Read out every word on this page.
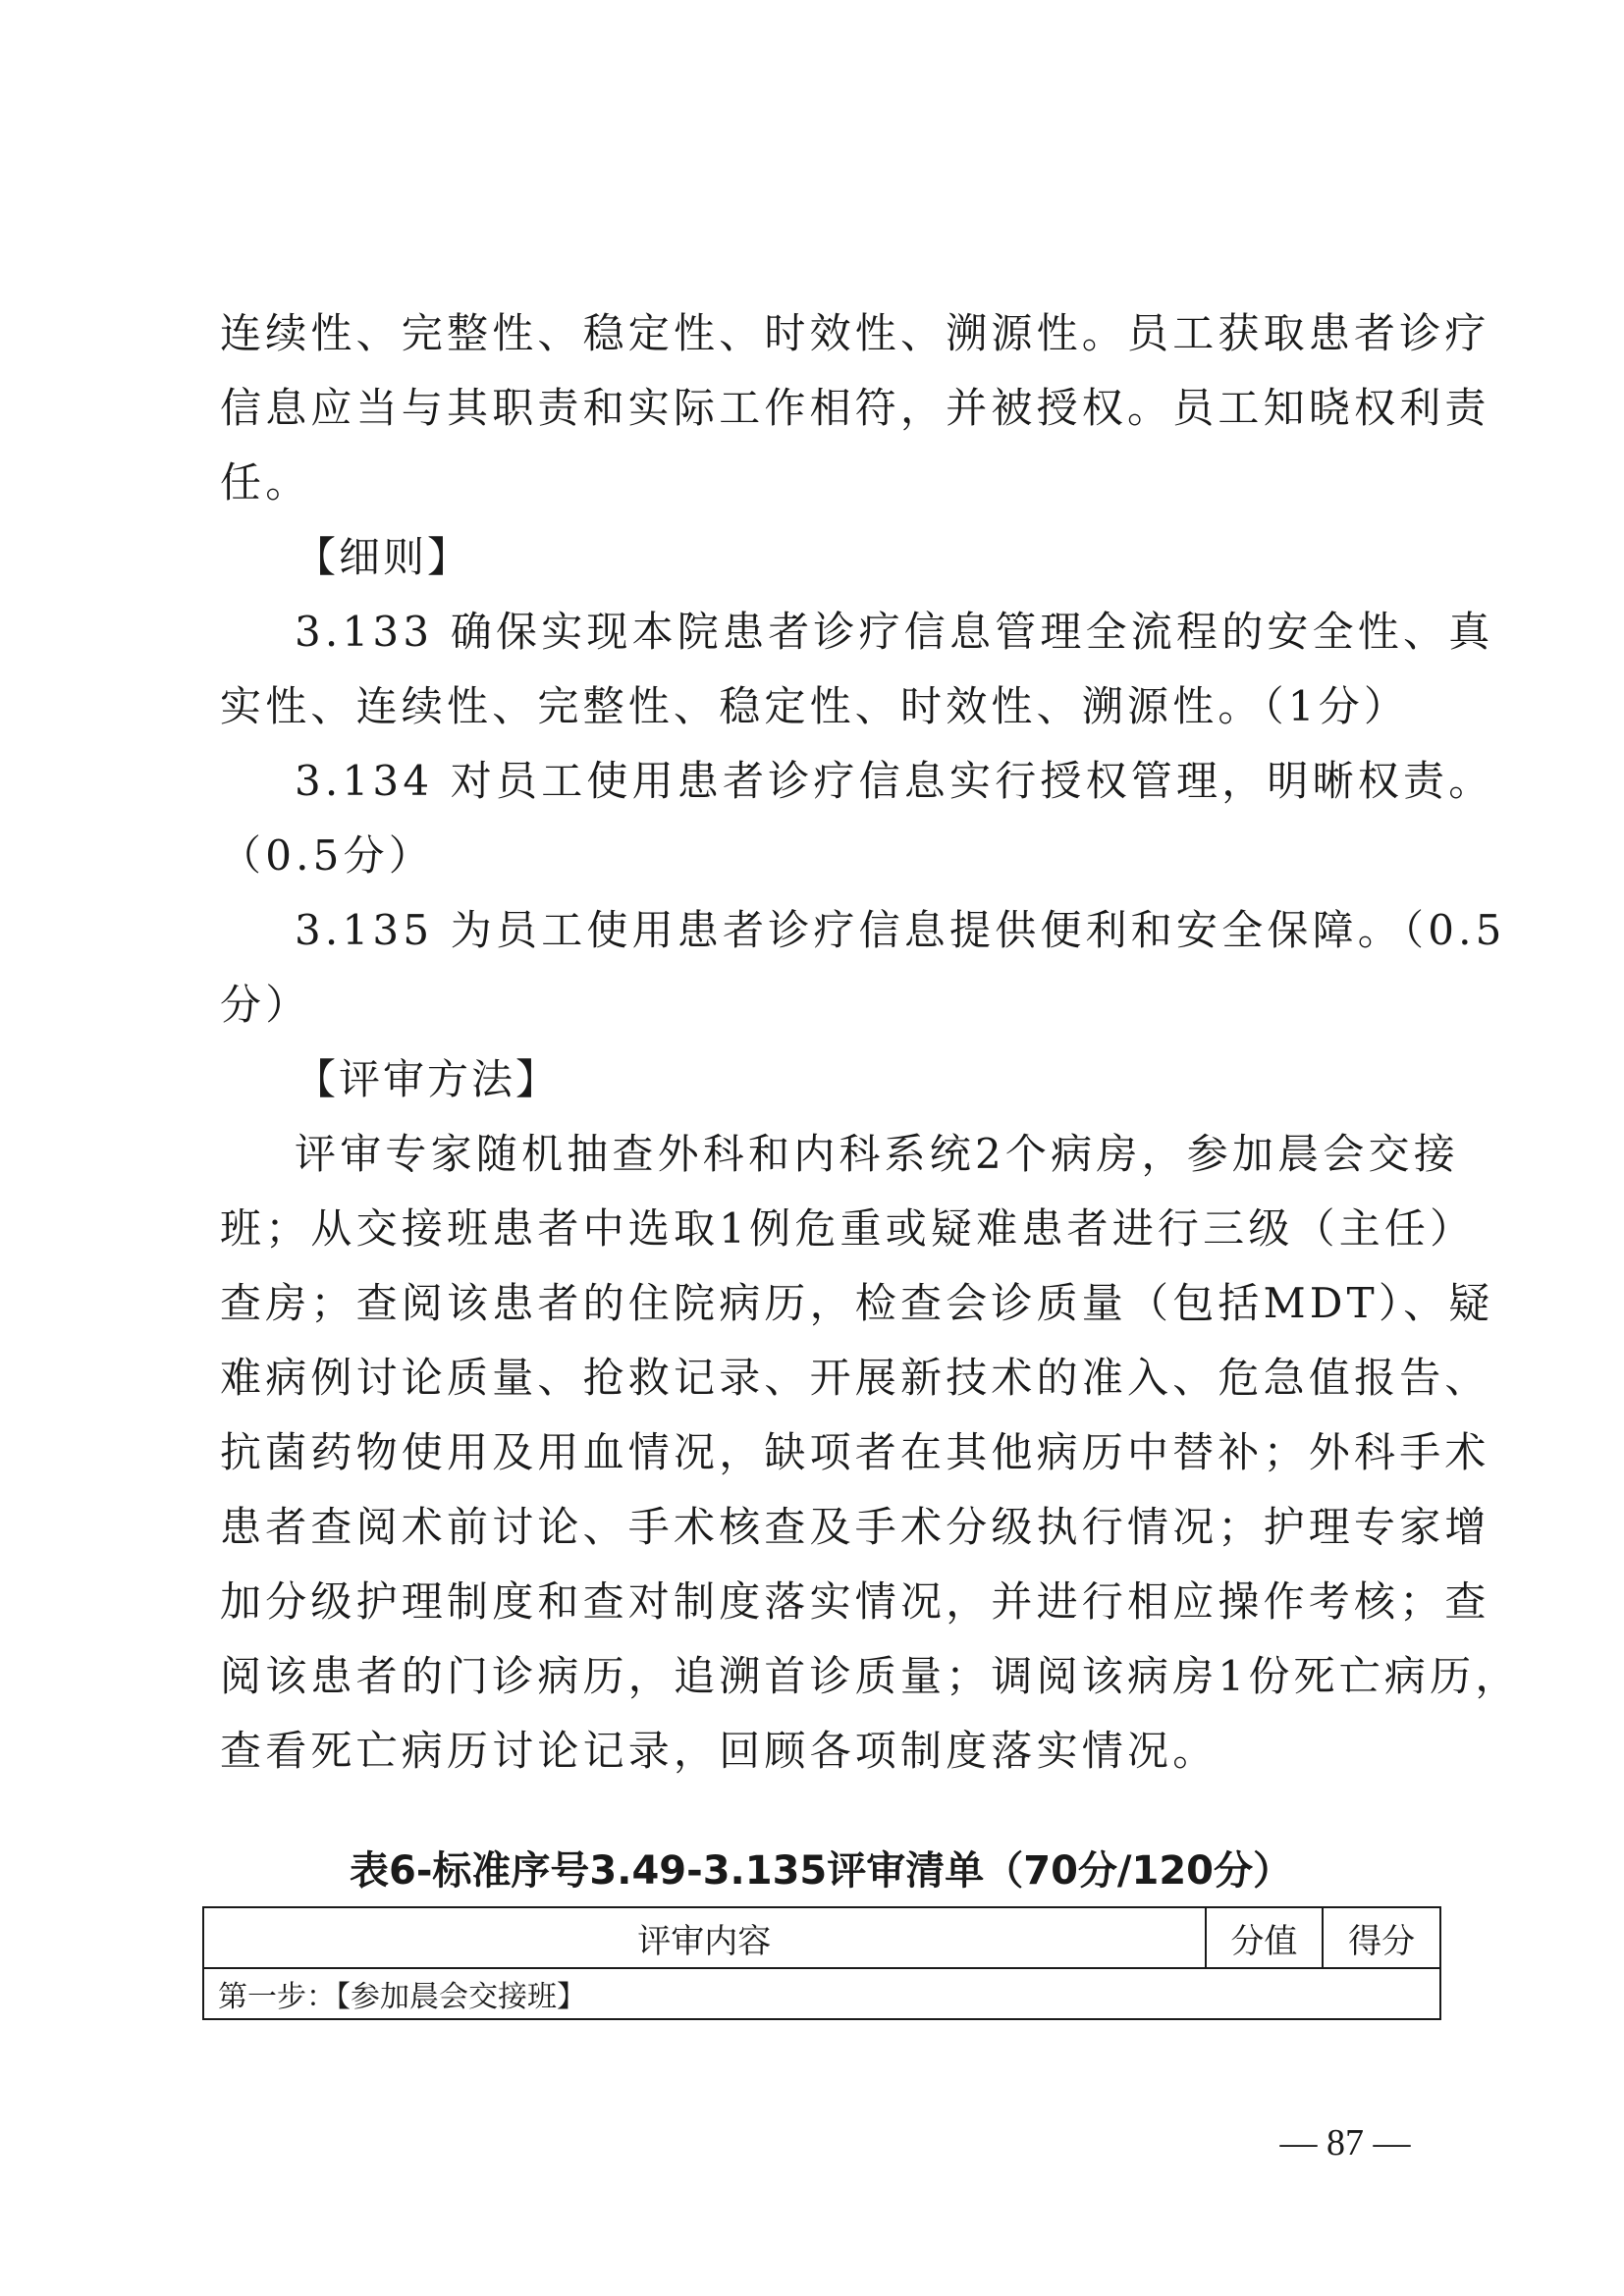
连续性、完整性、稳定性、时效性、溯源性。员工获取患者诊疗
信息应当与其职责和实际工作相符，并被授权。员工知晓权利责
任。
【细则】
3.133 确保实现本院患者诊疗信息管理全流程的安全性、真
实性、连续性、完整性、稳定性、时效性、溯源性。（1分）
3.134 对员工使用患者诊疗信息实行授权管理，明晰权责。
（0.5分）
3.135 为员工使用患者诊疗信息提供便利和安全保障。（0.5
分）
【评审方法】
评审专家随机抽查外科和内科系统2个病房，参加晨会交接
班；从交接班患者中选取1例危重或疑难患者进行三级（主任）
查房；查阅该患者的住院病历，检查会诊质量（包括MDT）、疑
难病例讨论质量、抢救记录、开展新技术的准入、危急值报告、
抗菌药物使用及用血情况，缺项者在其他病历中替补；外科手术
患者查阅术前讨论、手术核查及手术分级执行情况；护理专家增
加分级护理制度和查对制度落实情况，并进行相应操作考核；查
阅该患者的门诊病历，追溯首诊质量；调阅该病房1份死亡病历，
查看死亡病历讨论记录，回顾各项制度落实情况。
表6-标准序号3.49-3.135评审清单（70分/120分）
评审内容	分值	得分
第一步：【参加晨会交接班】
— 87 —
